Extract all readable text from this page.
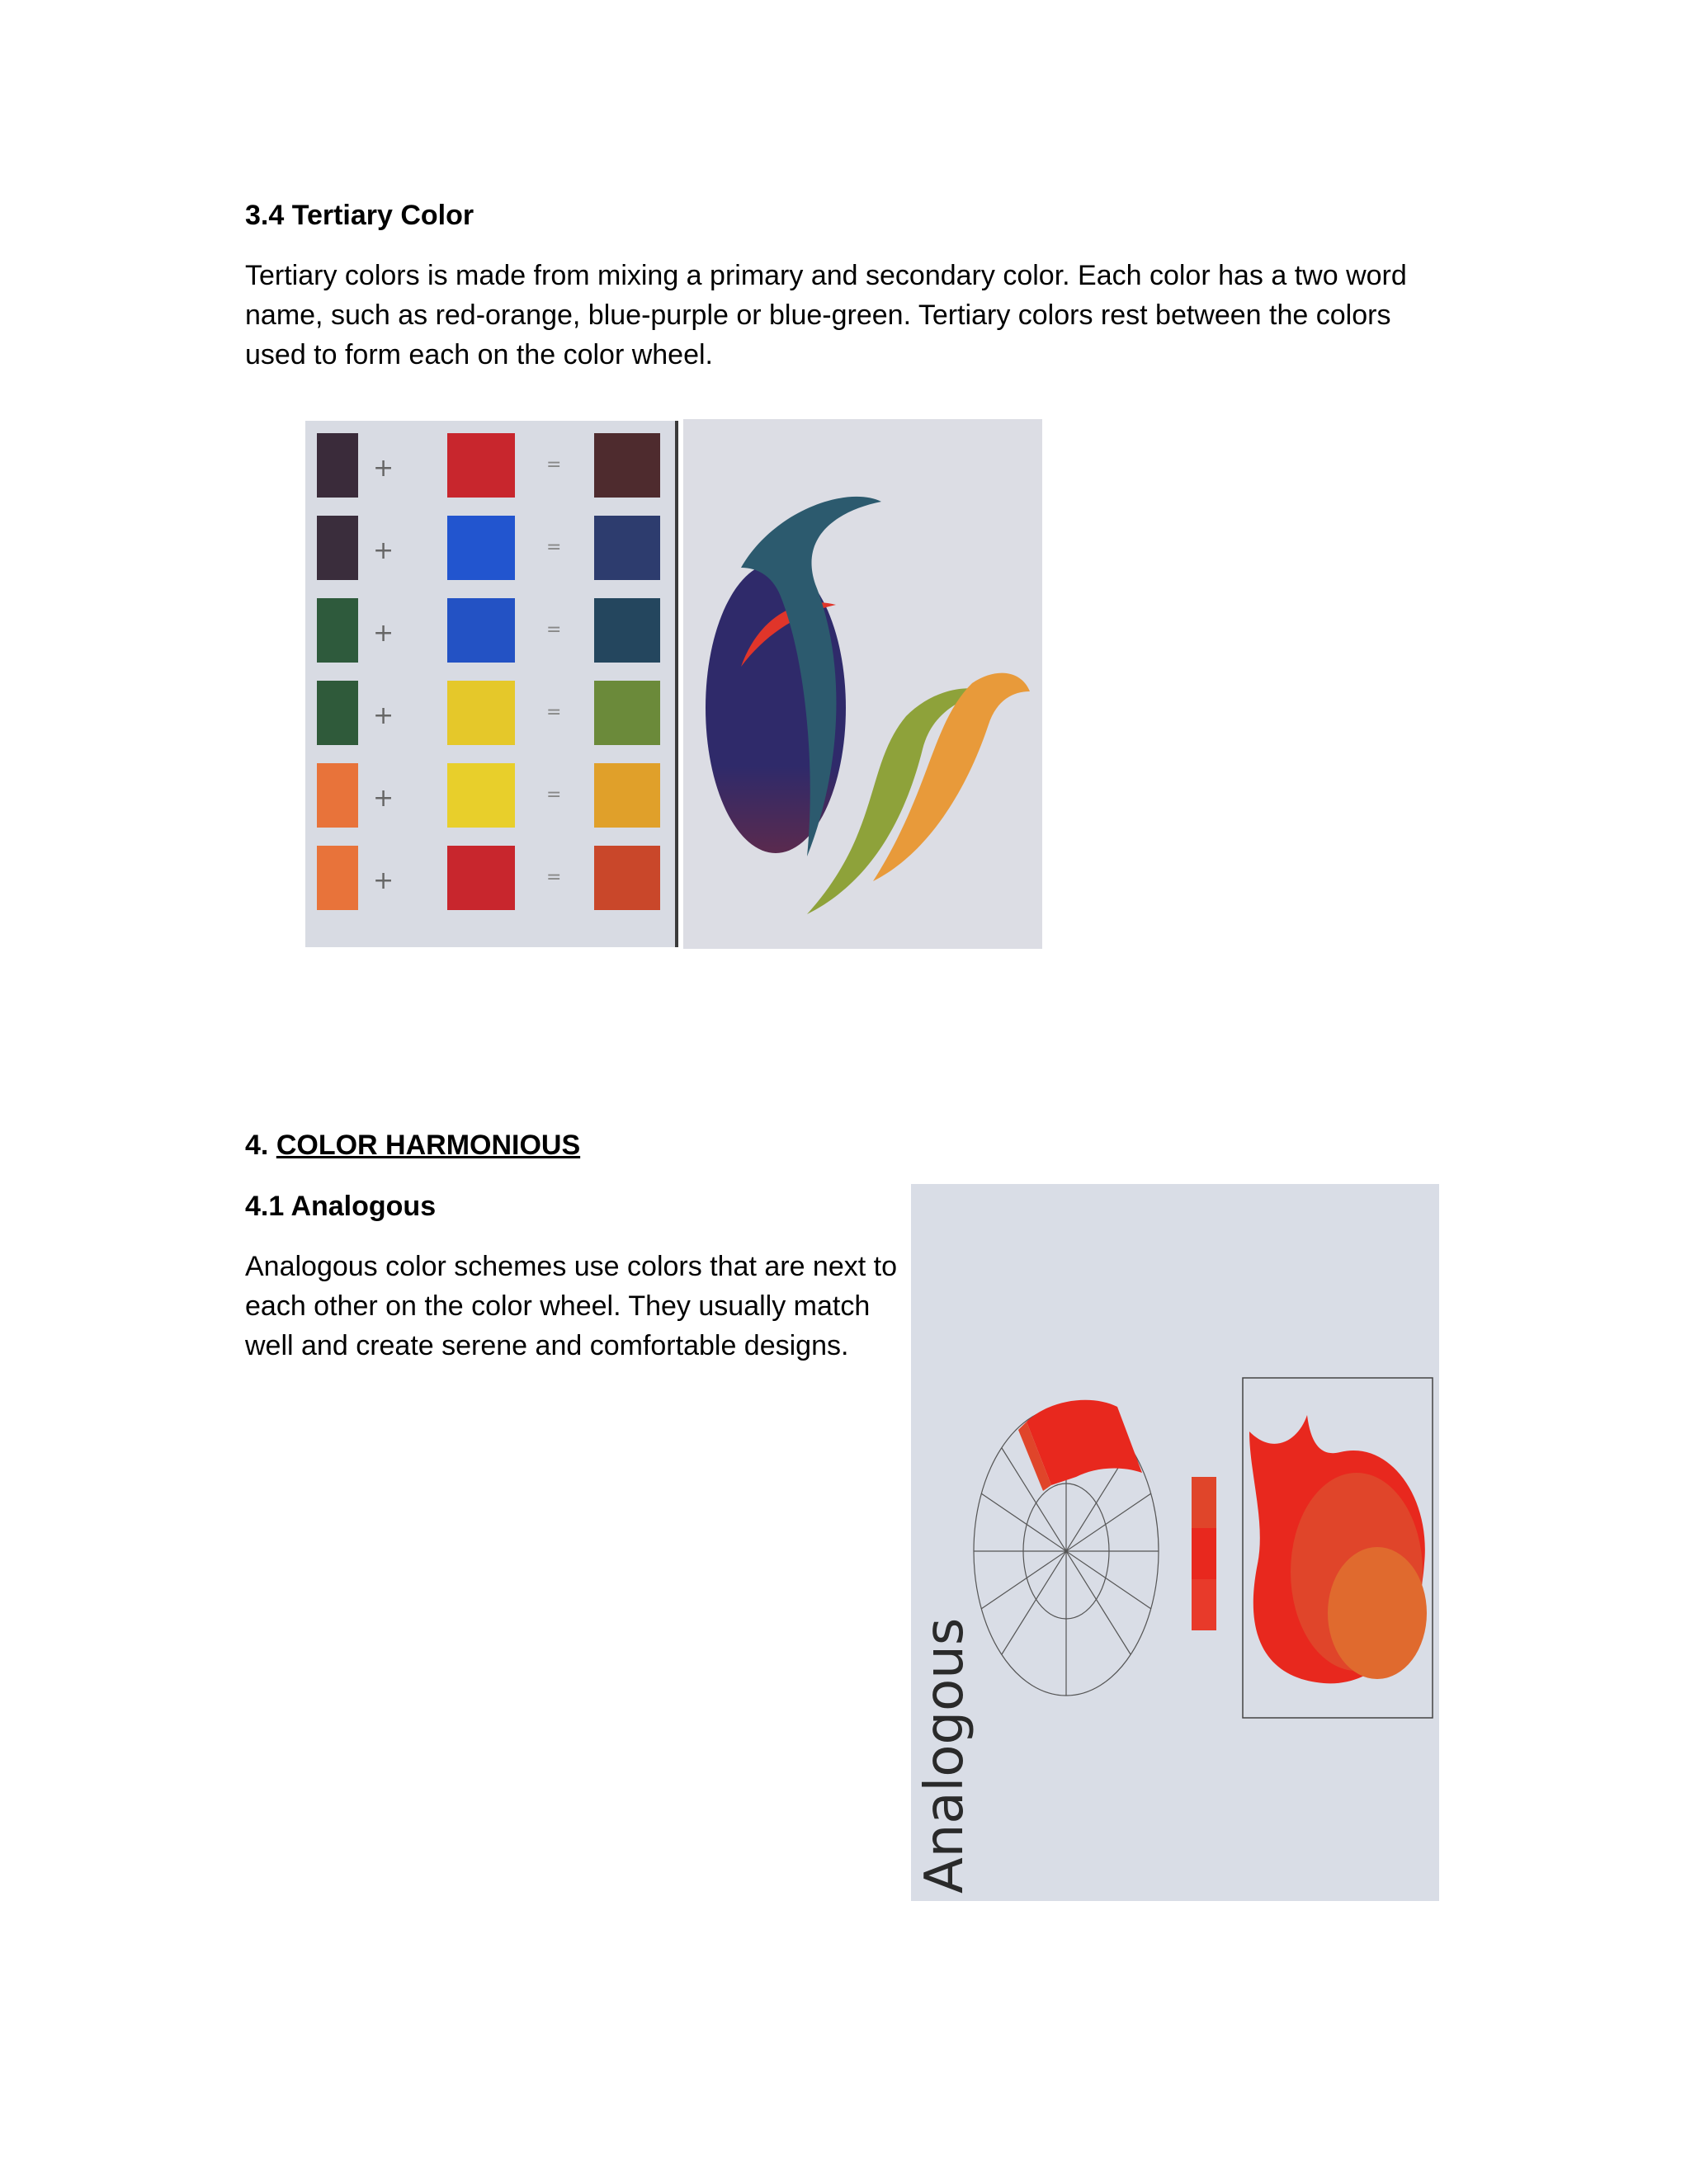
3.4 Tertiary Color

Tertiary colors is made from mixing a primary and secondary color. Each color has a two word

name, such as red-orange, blue-purple or blue-green. Tertiary colors rest between the colors

used to form each on the color wheel.

+	=
+	=
+	=
+	=
+	=
+	=
4. COLOR HARMONIOUS
4.1 Analogous

Analogous color schemes use colors that are next to

each other on the color wheel. They usually match

well and create serene and comfortable designs.

Analogous
